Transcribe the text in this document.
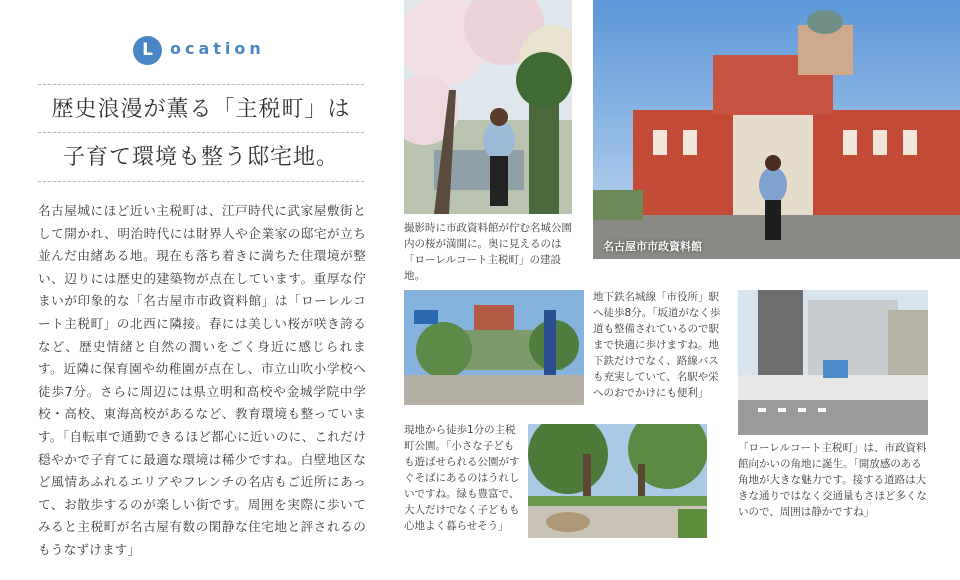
L	ocation
歴史浪漫が薫る「主税町」は
子育て環境も整う邸宅地。
名古屋城にほど近い主税町は、江戸時代に武家屋敷街として開かれ、明治時代には財界人や企業家の邸宅が立ち並んだ由緒ある地。現在も落ち着きに満ちた住環境が整い、辺りには歴史的建築物が点在しています。重厚な佇まいが印象的な「名古屋市市政資料館」は「ローレルコート主税町」の北西に隣接。春には美しい桜が咲き誇るなど、歴史情緒と自然の潤いをごく身近に感じられます。近隣に保育園や幼稚園が点在し、市立山吹小学校へ徒歩7分。さらに周辺には県立明和高校や金城学院中学校・高校、東海高校があるなど、教育環境も整っています。「自転車で通勤できるほど都心に近いのに、これだけ穏やかで子育てに最適な環境は稀少ですね。白壁地区など風情あふれるエリアやフレンチの名店もご近所にあって、お散歩するのが楽しい街です。周囲を実際に歩いてみると主税町が名古屋有数の閑静な住宅地と評されるのもうなずけます」
撮影時に市政資料館が佇む名城公園内の桜が満開に。奥に見えるのは「ローレルコート主税町」の建設地。
名古屋市市政資料館
地下鉄名城線「市役所」駅へ徒歩8分。「坂道がなく歩道も整備されているので駅まで快適に歩けますね。地下鉄だけでなく、路線バスも充実していて、名駅や栄へのおでかけにも便利」
「ローレルコート主税町」は、市政資料館向かいの角地に誕生。「開放感のある角地が大きな魅力です。接する道路は大きな通りではなく交通量もさほど多くないので、周囲は静かですね」
現地から徒歩1分の主税町公園。「小さな子どもも遊ばせられる公園がすぐそばにあるのはうれしいですね。緑も豊富で、大人だけでなく子どもも心地よく暮らせそう」
